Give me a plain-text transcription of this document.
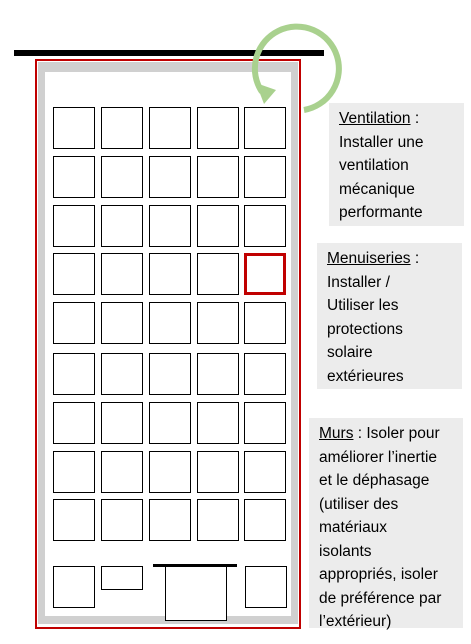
Ventilation :
Installer une
ventilation
mécanique
performante
Menuiseries :
Installer /
Utiliser les
protections
solaire
extérieures
Murs : Isoler pour
améliorer l’inertie
et le déphasage
(utiliser des
matériaux
isolants
appropriés, isoler
de préférence par
l’extérieur)
